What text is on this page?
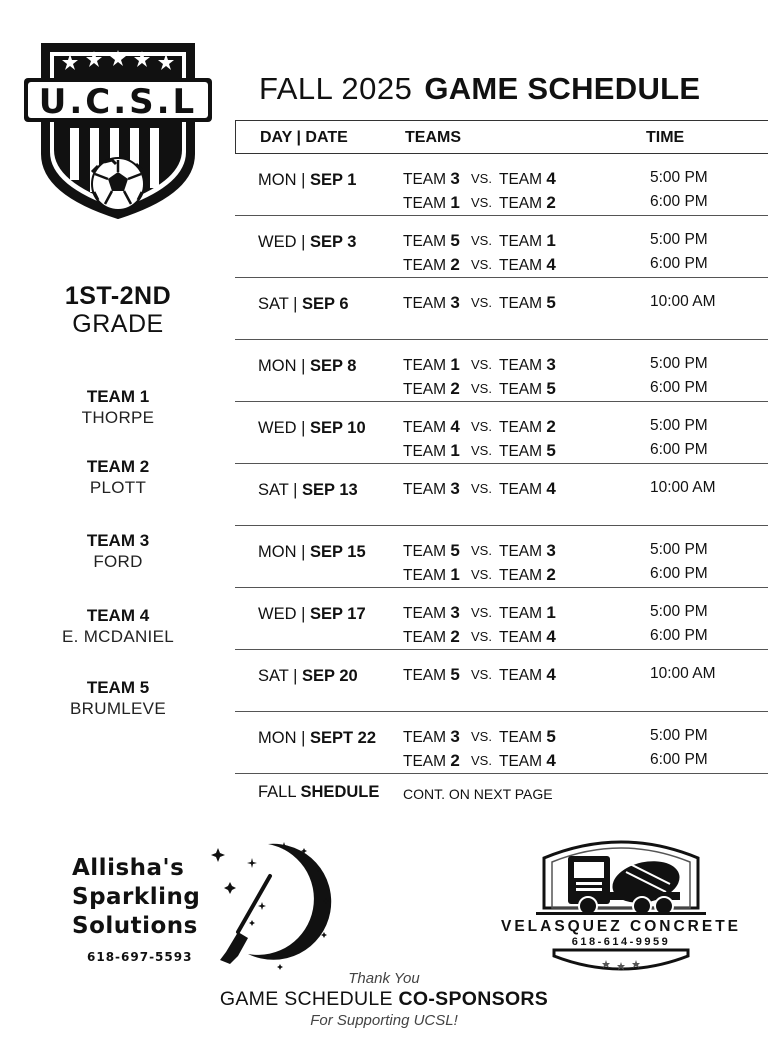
U.C.S.L
1ST-2ND
GRADE
TEAM 1
THORPE
TEAM 2
PLOTT
TEAM 3
FORD
TEAM 4
E. MCDANIEL
TEAM 5
BRUMLEVE
FALL 2025 GAME SCHEDULE
DAY | DATE	TEAMS	TIME
MON | SEP 1	TEAM 3 VS. TEAM 4	5:00 PM
TEAM 1 VS. TEAM 2	6:00 PM
WED | SEP 3	TEAM 5 VS. TEAM 1	5:00 PM
TEAM 2 VS. TEAM 4	6:00 PM
SAT | SEP 6	TEAM 3 VS. TEAM 5	10:00 AM
MON | SEP 8	TEAM 1 VS. TEAM 3	5:00 PM
TEAM 2 VS. TEAM 5	6:00 PM
WED | SEP 10 TEAM 4 VS. TEAM 2	5:00 PM
TEAM 1 VS. TEAM 5	6:00 PM
SAT | SEP 13	TEAM 3 VS. TEAM 4	10:00 AM
MON | SEP 15 TEAM 5 VS. TEAM 3	5:00 PM
TEAM 1 VS. TEAM 2	6:00 PM
WED | SEP 17 TEAM 3 VS. TEAM 1	5:00 PM
TEAM 2 VS. TEAM 4	6:00 PM
SAT | SEP 20	TEAM 5 VS. TEAM 4	10:00 AM
MON | SEPT 22 TEAM 3 VS. TEAM 5	5:00 PM
TEAM 2 VS. TEAM 4	6:00 PM
FALL SHEDULE CONT. ON NEXT PAGE
Allisha's
Sparkling
Solutions
618-697-5593
VELASQUEZ CONCRETE
618-614-9959
Thank You
GAME SCHEDULE CO-SPONSORS
For Supporting UCSL!
